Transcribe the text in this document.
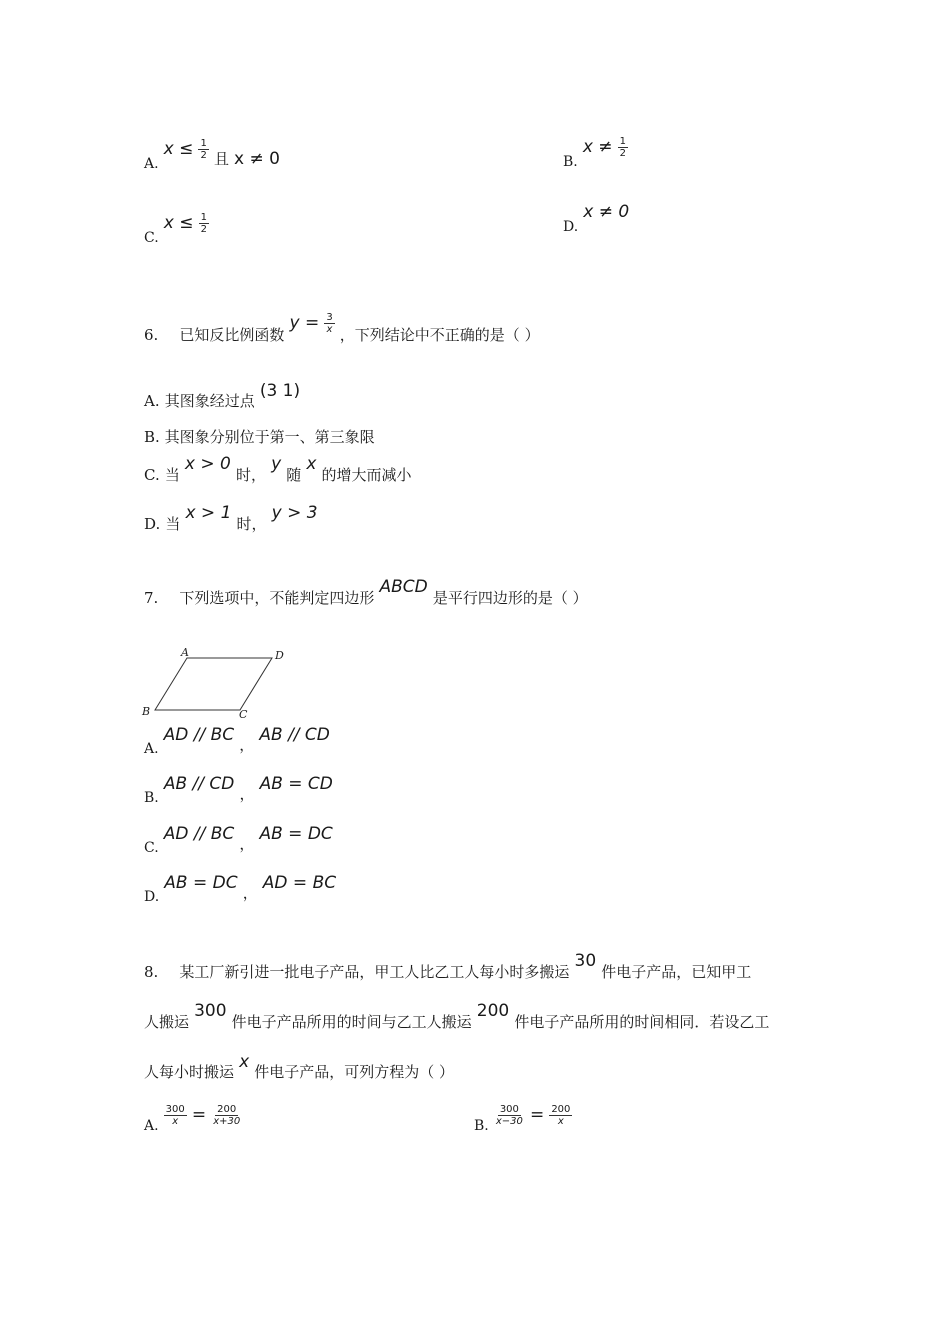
A. $x \le \frac{1}{2}$ 且 x ≠ 0	B. $x \ne \frac{1}{2}$
C. $x \le \frac{1}{2}$	D. x ≠ 0
6. 已知反比例函数 $y = \frac{3}{x}$ ，下列结论中不正确的是（ ）
A. 其图象经过点 (3 1)
B. 其图象分别位于第一、第三象限
C. 当 x > 0 时， y 随 x 的增大而减小
D. 当 x > 1 时， y > 3
7. 下列选项中，不能判定四边形 ABCD 是平行四边形的是（ ）
A	D
B	C
A. AD // BC ， AB // CD
B. AB // CD ， AB = CD
C. AD // BC ， AB = DC
D. AB = DC ， AD = BC
8. 某工厂新引进一批电子产品，甲工人比乙工人每小时多搬运 30 件电子产品，已知甲工
人搬运 300 件电子产品所用的时间与乙工人搬运 200 件电子产品所用的时间相同．若设乙工
人每小时搬运 x 件电子产品，可列方程为（ ）
A. $\frac{300}{x} = \frac{200}{x+30}$	B. $\frac{300}{x-30} = \frac{200}{x}$
